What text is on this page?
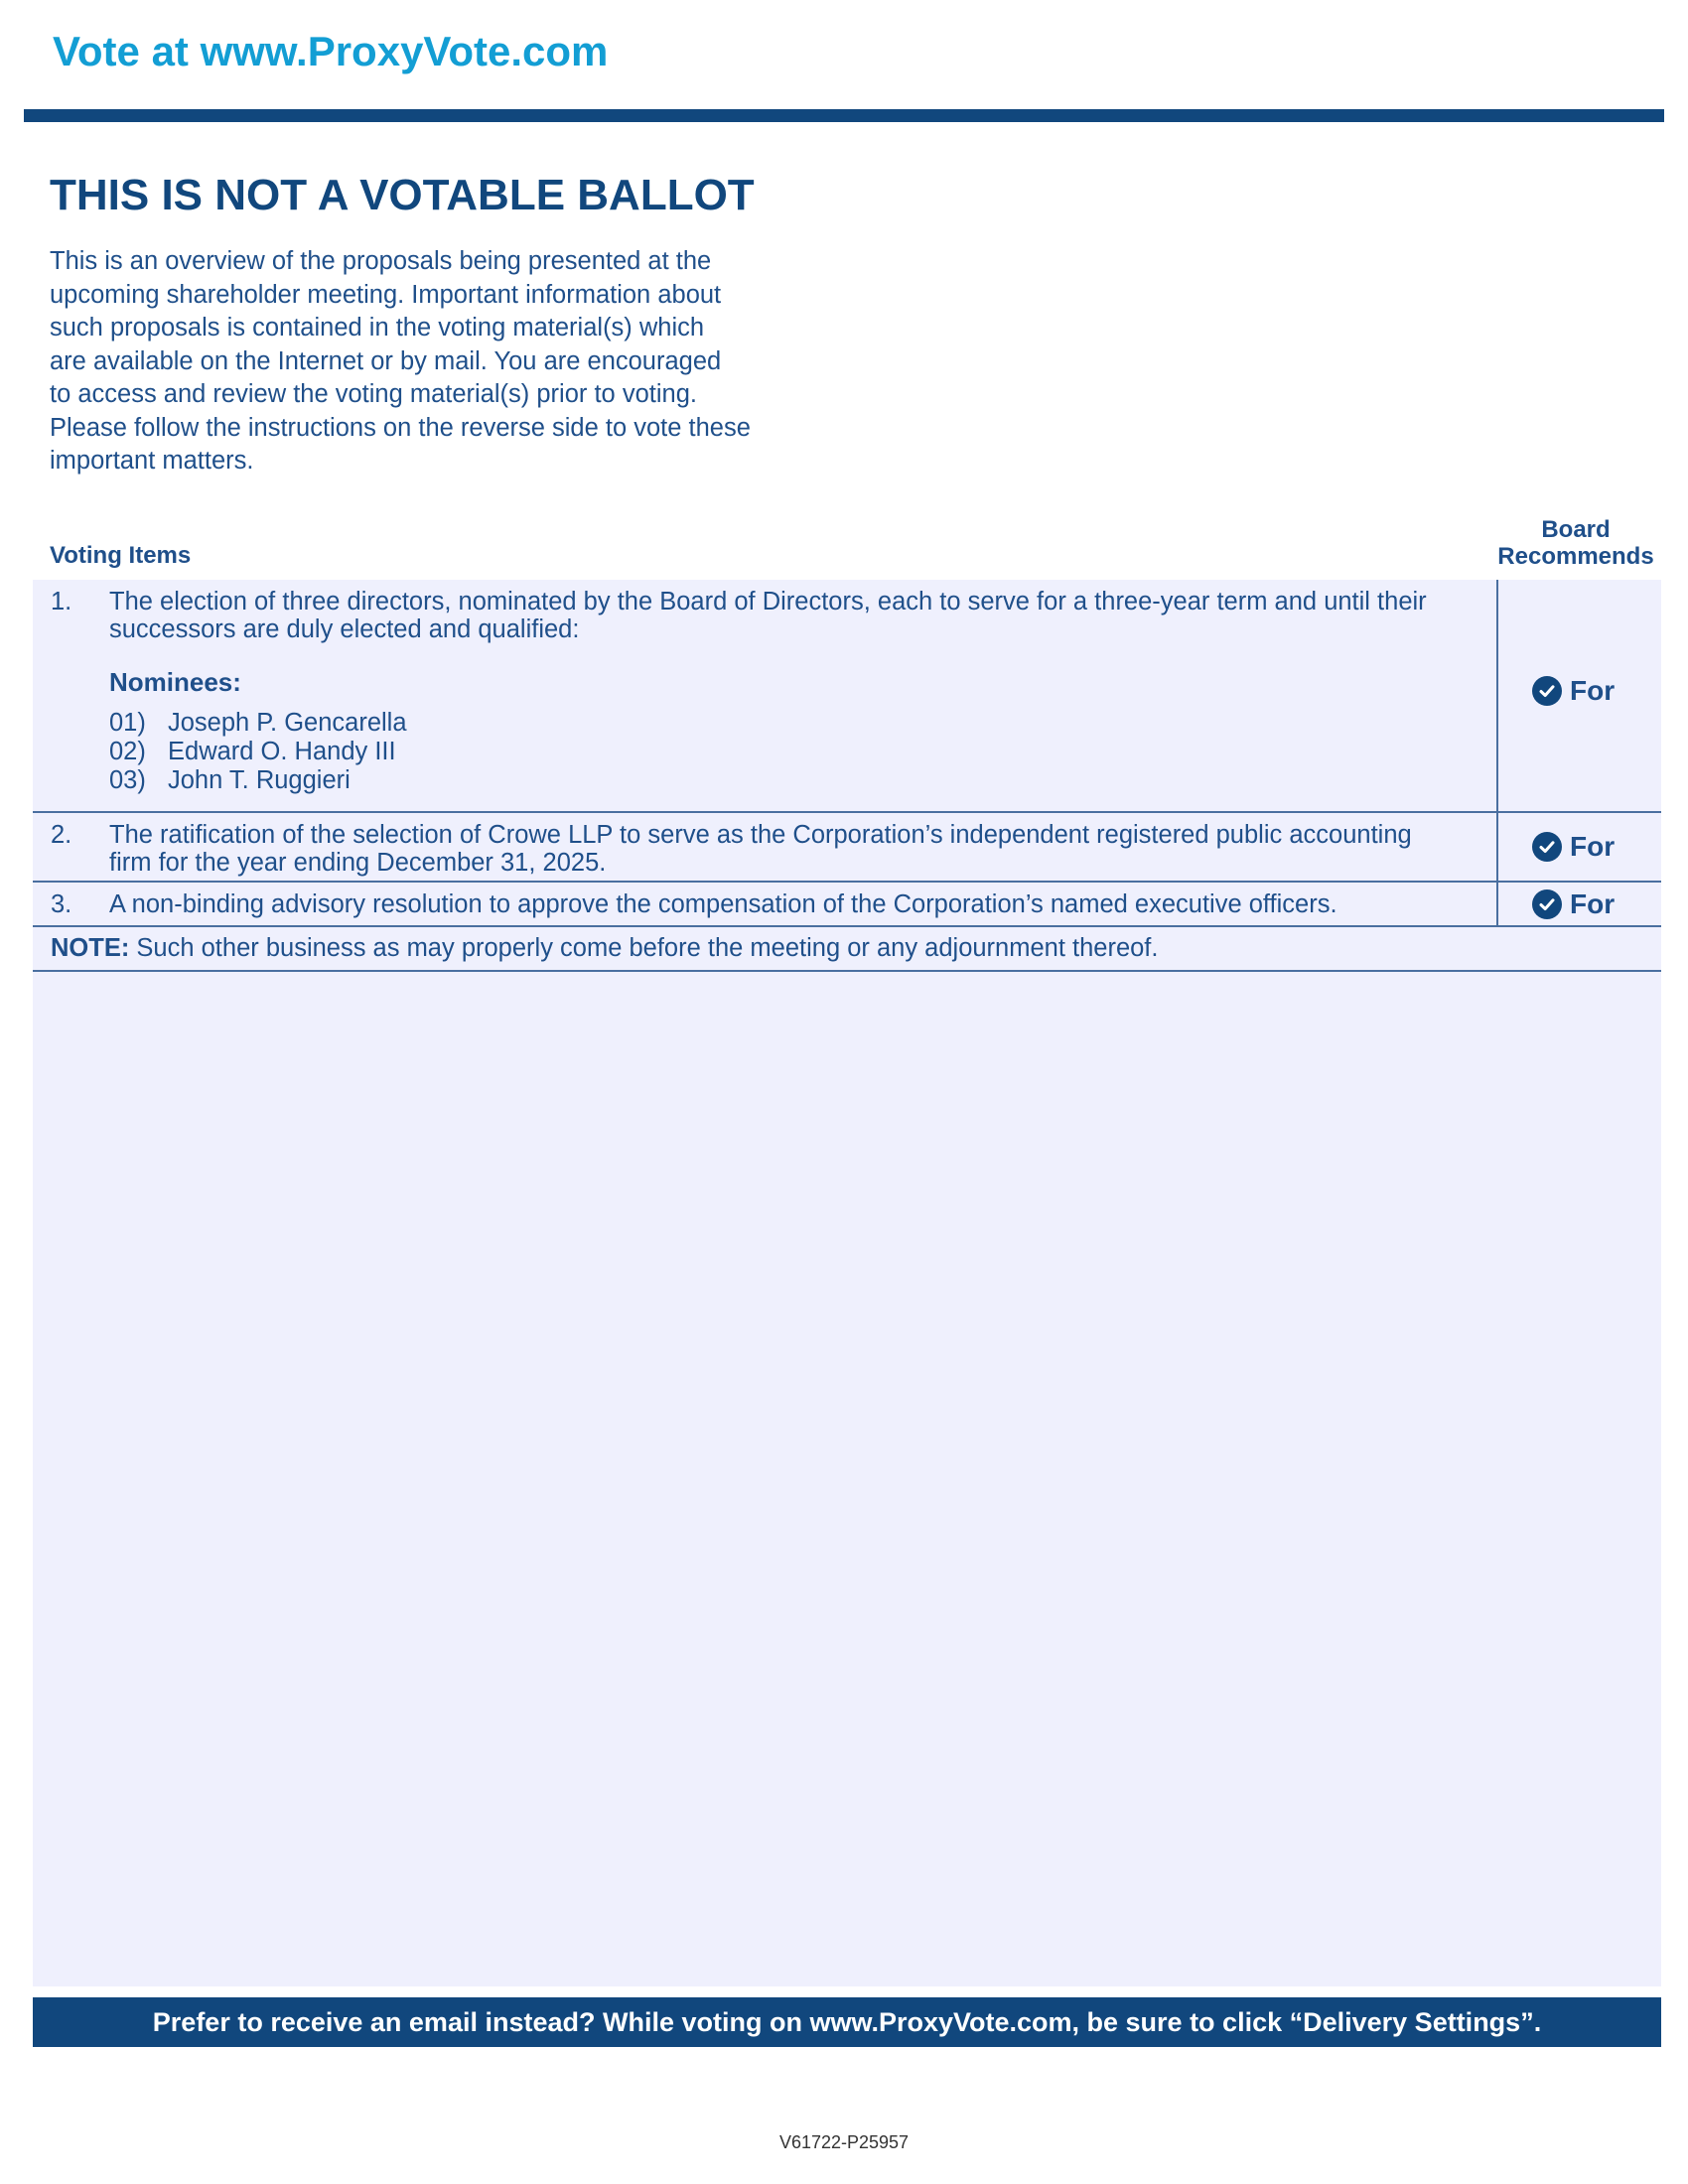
Vote at www.ProxyVote.com
THIS IS NOT A VOTABLE BALLOT
This is an overview of the proposals being presented at the
upcoming shareholder meeting. Important information about
such proposals is contained in the voting material(s) which
are available on the Internet or by mail. You are encouraged
to access and review the voting material(s) prior to voting.
Please follow the instructions on the reverse side to vote these
important matters.
Voting Items
Board
Recommends
1. The election of three directors, nominated by the Board of Directors, each to serve for a three-year term and until their
successors are duly elected and qualified:
Nominees:
01) Joseph P. Gencarella
02) Edward O. Handy III
03) John T. Ruggieri
For
2. The ratification of the selection of Crowe LLP to serve as the Corporation’s independent registered public accounting
firm for the year ending December 31, 2025.
For
3. A non-binding advisory resolution to approve the compensation of the Corporation’s named executive officers.	For
NOTE: Such other business as may properly come before the meeting or any adjournment thereof.
Prefer to receive an email instead? While voting on www.ProxyVote.com, be sure to click “Delivery Settings”.
V61722-P25957
